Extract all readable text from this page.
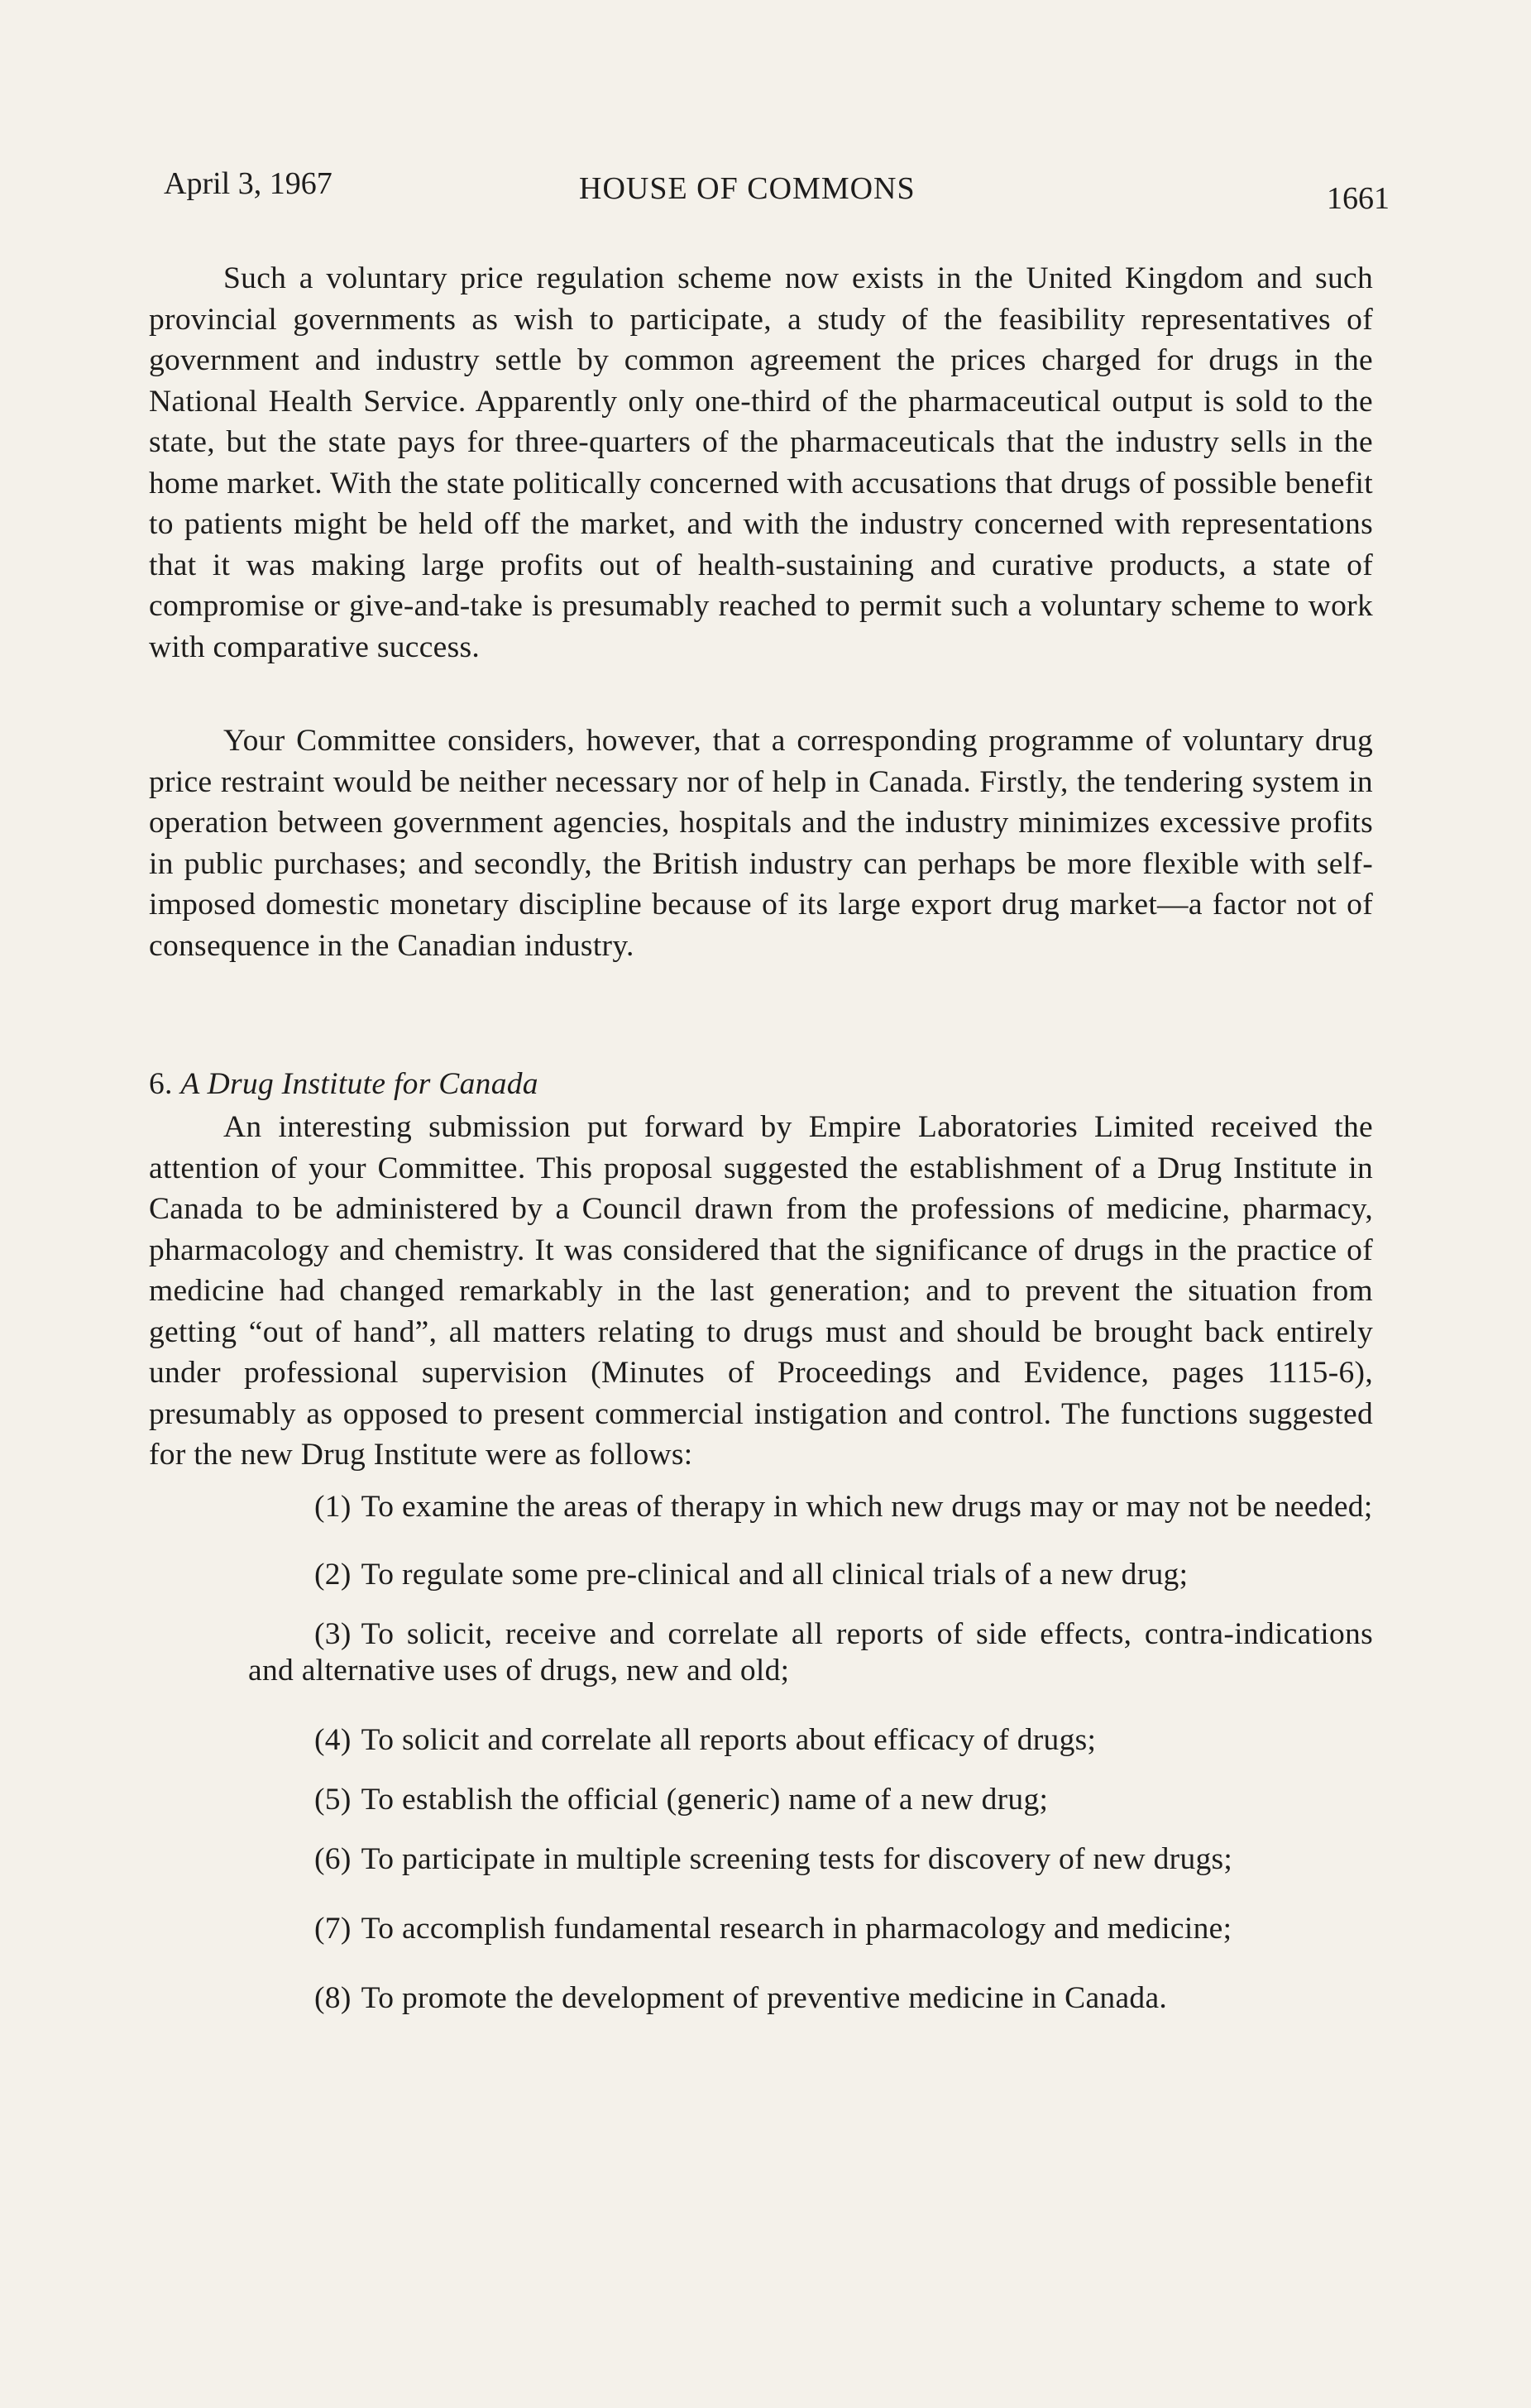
April 3, 1967	HOUSE OF COMMONS	1661

Such a voluntary price regulation scheme now exists in the United Kingdom and such provincial governments as wish to participate, a study of the feasibility representatives of government and industry settle by common agreement the prices charged for drugs in the National Health Service. Apparently only one-third of the pharmaceutical output is sold to the state, but the state pays for three-quarters of the pharmaceuticals that the industry sells in the home market. With the state politically concerned with accusations that drugs of possible benefit to patients might be held off the market, and with the industry concerned with representations that it was making large profits out of health-sustaining and curative products, a state of compromise or give-and-take is presumably reached to permit such a voluntary scheme to work with comparative success.

Your Committee considers, however, that a corresponding programme of voluntary drug price restraint would be neither necessary nor of help in Canada. Firstly, the tendering system in operation between government agencies, hospitals and the industry minimizes excessive profits in public purchases; and secondly, the British industry can perhaps be more flexible with self-imposed domestic monetary discipline because of its large export drug market—a factor not of consequence in the Canadian industry.

6. A Drug Institute for Canada

An interesting submission put forward by Empire Laboratories Limited received the attention of your Committee. This proposal suggested the establishment of a Drug Institute in Canada to be administered by a Council drawn from the professions of medicine, pharmacy, pharmacology and chemistry. It was considered that the significance of drugs in the practice of medicine had changed remarkably in the last generation; and to prevent the situation from getting “out of hand”, all matters relating to drugs must and should be brought back entirely under professional supervision (Minutes of Proceedings and Evidence, pages 1115-6), presumably as opposed to present commercial instigation and control. The functions suggested for the new Drug Institute were as follows:

(1) To examine the areas of therapy in which new drugs may or may not be needed;
(2) To regulate some pre-clinical and all clinical trials of a new drug;
(3) To solicit, receive and correlate all reports of side effects, contra-indications and alternative uses of drugs, new and old;
(4) To solicit and correlate all reports about efficacy of drugs;
(5) To establish the official (generic) name of a new drug;
(6) To participate in multiple screening tests for discovery of new drugs;
(7) To accomplish fundamental research in pharmacology and medicine;
(8) To promote the development of preventive medicine in Canada.
